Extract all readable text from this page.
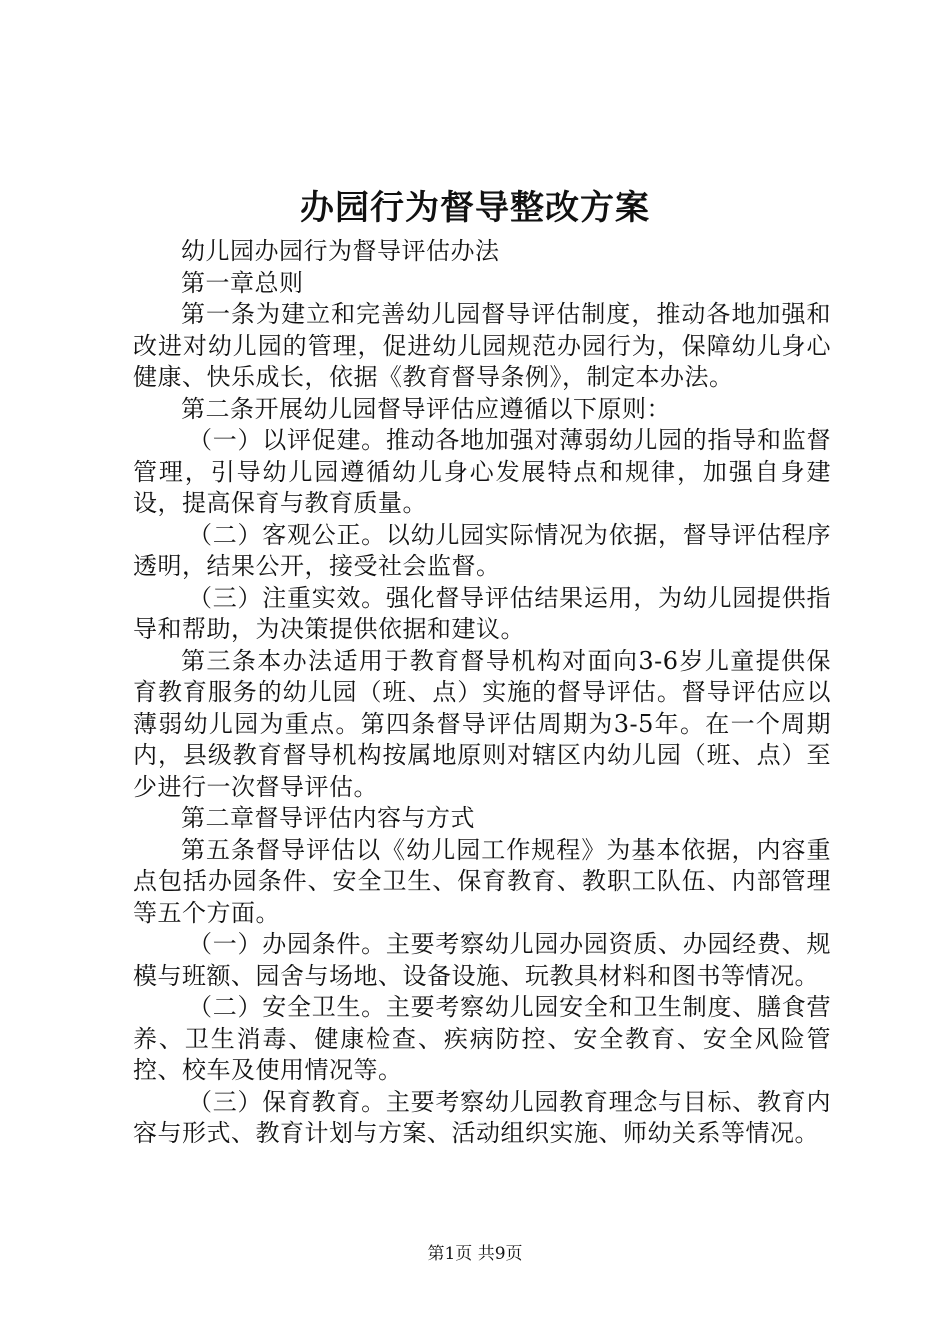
办园行为督导整改方案

幼儿园办园行为督导评估办法

第一章总则

第一条为建立和完善幼儿园督导评估制度，推动各地加强和改进对幼儿园的管理，促进幼儿园规范办园行为，保障幼儿身心健康、快乐成长，依据《教育督导条例》，制定本办法。

第二条开展幼儿园督导评估应遵循以下原则：

（一）以评促建。推动各地加强对薄弱幼儿园的指导和监督管理，引导幼儿园遵循幼儿身心发展特点和规律，加强自身建设，提高保育与教育质量。

（二）客观公正。以幼儿园实际情况为依据，督导评估程序透明，结果公开，接受社会监督。

（三）注重实效。强化督导评估结果运用，为幼儿园提供指导和帮助，为决策提供依据和建议。

第三条本办法适用于教育督导机构对面向3-6岁儿童提供保育教育服务的幼儿园（班、点）实施的督导评估。督导评估应以薄弱幼儿园为重点。第四条督导评估周期为3-5年。在一个周期内，县级教育督导机构按属地原则对辖区内幼儿园（班、点）至少进行一次督导评估。

第二章督导评估内容与方式

第五条督导评估以《幼儿园工作规程》为基本依据，内容重点包括办园条件、安全卫生、保育教育、教职工队伍、内部管理等五个方面。

（一）办园条件。主要考察幼儿园办园资质、办园经费、规模与班额、园舍与场地、设备设施、玩教具材料和图书等情况。

（二）安全卫生。主要考察幼儿园安全和卫生制度、膳食营养、卫生消毒、健康检查、疾病防控、安全教育、安全风险管控、校车及使用情况等。

（三）保育教育。主要考察幼儿园教育理念与目标、教育内容与形式、教育计划与方案、活动组织实施、师幼关系等情况。

第1页 共9页
